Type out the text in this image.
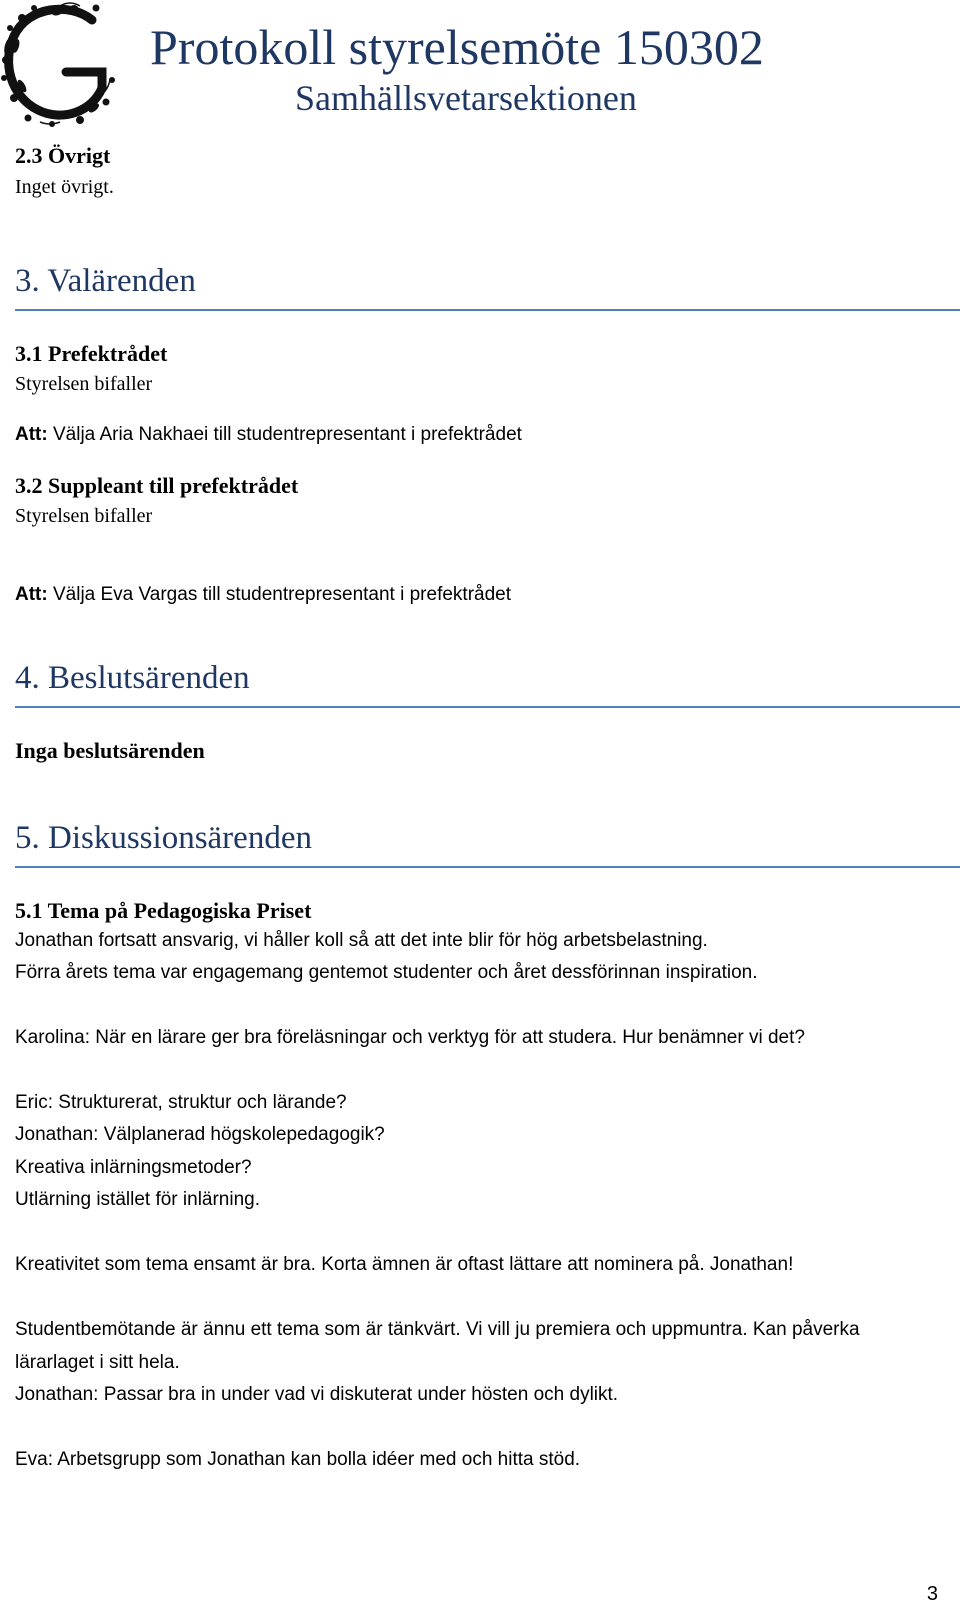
Protokoll styrelsemöte 150302
Samhällsvetarsektionen
2.3 Övrigt
Inget övrigt.
3. Valärenden
3.1 Prefektrådet
Styrelsen bifaller
Att: Välja Aria Nakhaei till studentrepresentant i prefektrådet
3.2 Suppleant till prefektrådet
Styrelsen bifaller
Att: Välja Eva Vargas till studentrepresentant i prefektrådet
4. Beslutsärenden
Inga beslutsärenden
5. Diskussionsärenden
5.1 Tema på Pedagogiska Priset
Jonathan fortsatt ansvarig, vi håller koll så att det inte blir för hög arbetsbelastning.
Förra årets tema var engagemang gentemot studenter och året dessförinnan inspiration.
Karolina: När en lärare ger bra föreläsningar och verktyg för att studera. Hur benämner vi det?
Eric: Strukturerat, struktur och lärande?
Jonathan: Välplanerad högskolepedagogik?
Kreativa inlärningsmetoder?
Utlärning istället för inlärning.
Kreativitet som tema ensamt är bra. Korta ämnen är oftast lättare att nominera på. Jonathan!
Studentbemötande är ännu ett tema som är tänkvärt. Vi vill ju premiera och uppmuntra. Kan påverka
lärarlaget i sitt hela.
Jonathan: Passar bra in under vad vi diskuterat under hösten och dylikt.
Eva: Arbetsgrupp som Jonathan kan bolla idéer med och hitta stöd.
3
